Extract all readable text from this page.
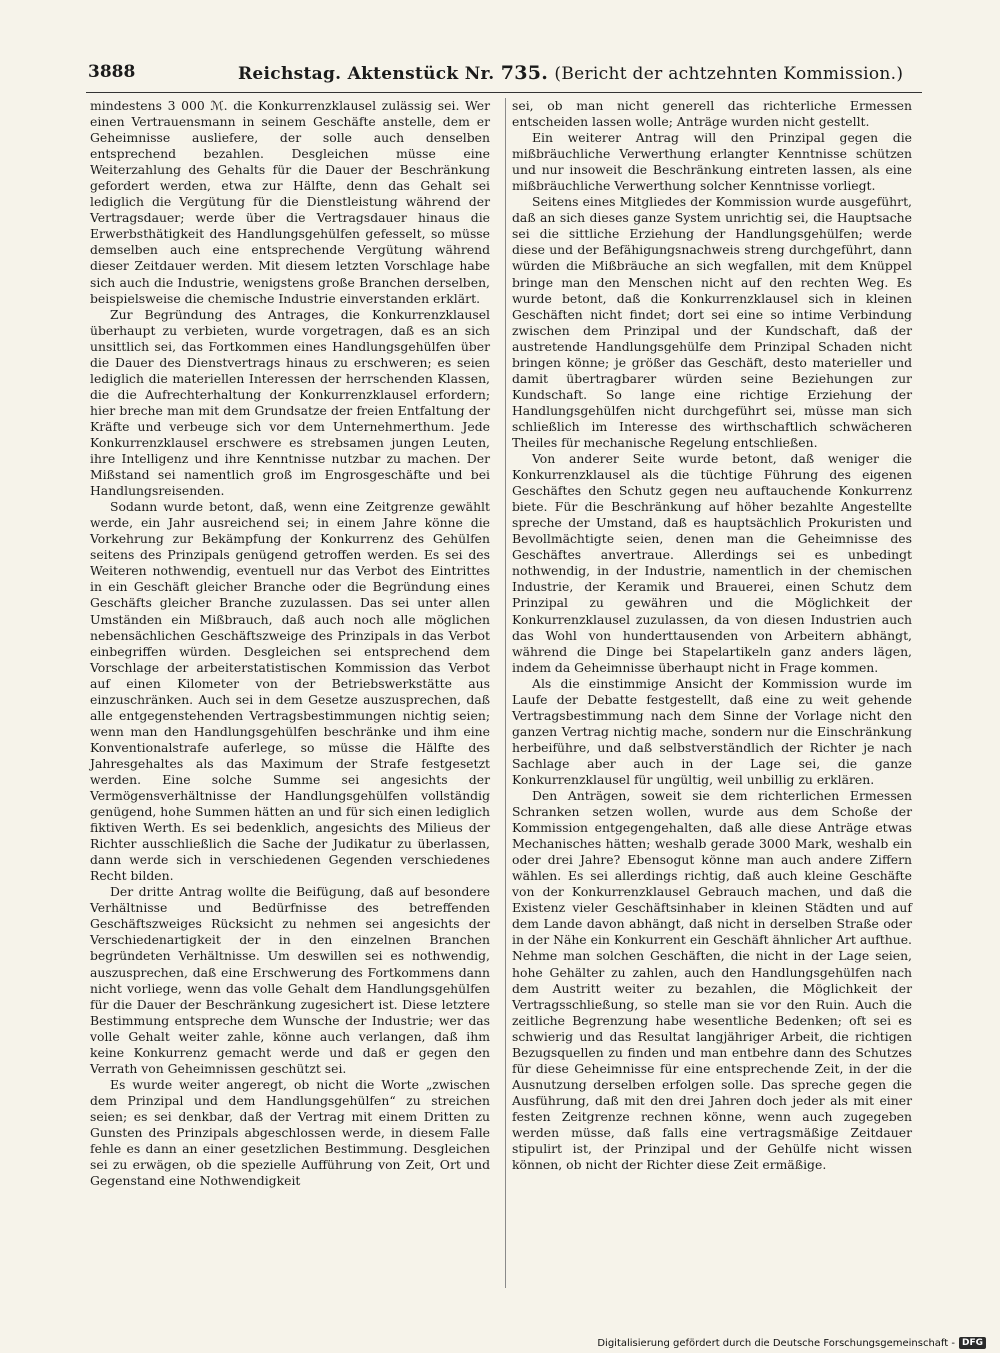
3888	Reichstag. Aktenstück Nr. 735. (Bericht der achtzehnten Kommission.)

mindestens 3 000 ℳ. die Konkurrenzklausel zulässig sei. Wer einen Vertrauensmann in seinem Geschäfte anstelle, dem er Geheimnisse ausliefere, der solle auch denselben entsprechend bezahlen. Desgleichen müsse eine Weiterzahlung des Gehalts für die Dauer der Beschränkung gefordert werden, etwa zur Hälfte, denn das Gehalt sei lediglich die Vergütung für die Dienstleistung während der Vertragsdauer; werde über die Vertragsdauer hinaus die Erwerbsthätigkeit des Handlungsgehülfen gefesselt, so müsse demselben auch eine entsprechende Vergütung während dieser Zeitdauer werden. Mit diesem letzten Vorschlage habe sich auch die Industrie, wenigstens große Branchen derselben, beispielsweise die chemische Industrie einverstanden erklärt.

Zur Begründung des Antrages, die Konkurrenzklausel überhaupt zu verbieten, wurde vorgetragen, daß es an sich unsittlich sei, das Fortkommen eines Handlungsgehülfen über die Dauer des Dienstvertrags hinaus zu erschweren; es seien lediglich die materiellen Interessen der herrschenden Klassen, die die Aufrechterhaltung der Konkurrenzklausel erfordern; hier breche man mit dem Grundsatze der freien Entfaltung der Kräfte und verbeuge sich vor dem Unternehmerthum. Jede Konkurrenzklausel erschwere es strebsamen jungen Leuten, ihre Intelligenz und ihre Kenntnisse nutzbar zu machen. Der Mißstand sei namentlich groß im Engrosgeschäfte und bei Handlungsreisenden.

Sodann wurde betont, daß, wenn eine Zeitgrenze gewählt werde, ein Jahr ausreichend sei; in einem Jahre könne die Vorkehrung zur Bekämpfung der Konkurrenz des Gehülfen seitens des Prinzipals genügend getroffen werden. Es sei des Weiteren nothwendig, eventuell nur das Verbot des Eintrittes in ein Geschäft gleicher Branche oder die Begründung eines Geschäfts gleicher Branche zuzulassen. Das sei unter allen Umständen ein Mißbrauch, daß auch noch alle möglichen nebensächlichen Geschäftszweige des Prinzipals in das Verbot einbegriffen würden. Desgleichen sei entsprechend dem Vorschlage der arbeiterstatistischen Kommission das Verbot auf einen Kilometer von der Betriebswerkstätte aus einzuschränken. Auch sei in dem Gesetze auszusprechen, daß alle entgegenstehenden Vertragsbestimmungen nichtig seien; wenn man den Handlungsgehülfen beschränke und ihm eine Konventionalstrafe auferlege, so müsse die Hälfte des Jahresgehaltes als das Maximum der Strafe festgesetzt werden. Eine solche Summe sei angesichts der Vermögensverhältnisse der Handlungsgehülfen vollständig genügend, hohe Summen hätten an und für sich einen lediglich fiktiven Werth. Es sei bedenklich, angesichts des Milieus der Richter ausschließlich die Sache der Judikatur zu überlassen, dann werde sich in verschiedenen Gegenden verschiedenes Recht bilden.

Der dritte Antrag wollte die Beifügung, daß auf besondere Verhältnisse und Bedürfnisse des betreffenden Geschäftszweiges Rücksicht zu nehmen sei angesichts der Verschiedenartigkeit der in den einzelnen Branchen begründeten Verhältnisse. Um deswillen sei es nothwendig, auszusprechen, daß eine Erschwerung des Fortkommens dann nicht vorliege, wenn das volle Gehalt dem Handlungsgehülfen für die Dauer der Beschränkung zugesichert ist. Diese letztere Bestimmung entspreche dem Wunsche der Industrie; wer das volle Gehalt weiter zahle, könne auch verlangen, daß ihm keine Konkurrenz gemacht werde und daß er gegen den Verrath von Geheimnissen geschützt sei.

Es wurde weiter angeregt, ob nicht die Worte „zwischen dem Prinzipal und dem Handlungsgehülfen“ zu streichen seien; es sei denkbar, daß der Vertrag mit einem Dritten zu Gunsten des Prinzipals abgeschlossen werde, in diesem Falle fehle es dann an einer gesetzlichen Bestimmung. Desgleichen sei zu erwägen, ob die spezielle Aufführung von Zeit, Ort und Gegenstand eine Nothwendigkeit

sei, ob man nicht generell das richterliche Ermessen entscheiden lassen wolle; Anträge wurden nicht gestellt.

Ein weiterer Antrag will den Prinzipal gegen die mißbräuchliche Verwerthung erlangter Kenntnisse schützen und nur insoweit die Beschränkung eintreten lassen, als eine mißbräuchliche Verwerthung solcher Kenntnisse vorliegt.

Seitens eines Mitgliedes der Kommission wurde ausgeführt, daß an sich dieses ganze System unrichtig sei, die Hauptsache sei die sittliche Erziehung der Handlungsgehülfen; werde diese und der Befähigungsnachweis streng durchgeführt, dann würden die Mißbräuche an sich wegfallen, mit dem Knüppel bringe man den Menschen nicht auf den rechten Weg. Es wurde betont, daß die Konkurrenzklausel sich in kleinen Geschäften nicht findet; dort sei eine so intime Verbindung zwischen dem Prinzipal und der Kundschaft, daß der austretende Handlungsgehülfe dem Prinzipal Schaden nicht bringen könne; je größer das Geschäft, desto materieller und damit übertragbarer würden seine Beziehungen zur Kundschaft. So lange eine richtige Erziehung der Handlungsgehülfen nicht durchgeführt sei, müsse man sich schließlich im Interesse des wirthschaftlich schwächeren Theiles für mechanische Regelung entschließen.

Von anderer Seite wurde betont, daß weniger die Konkurrenzklausel als die tüchtige Führung des eigenen Geschäftes den Schutz gegen neu auftauchende Konkurrenz biete. Für die Beschränkung auf höher bezahlte Angestellte spreche der Umstand, daß es hauptsächlich Prokuristen und Bevollmächtigte seien, denen man die Geheimnisse des Geschäftes anvertraue. Allerdings sei es unbedingt nothwendig, in der Industrie, namentlich in der chemischen Industrie, der Keramik und Brauerei, einen Schutz dem Prinzipal zu gewähren und die Möglichkeit der Konkurrenzklausel zuzulassen, da von diesen Industrien auch das Wohl von hunderttausenden von Arbeitern abhängt, während die Dinge bei Stapelartikeln ganz anders lägen, indem da Geheimnisse überhaupt nicht in Frage kommen.

Als die einstimmige Ansicht der Kommission wurde im Laufe der Debatte festgestellt, daß eine zu weit gehende Vertragsbestimmung nach dem Sinne der Vorlage nicht den ganzen Vertrag nichtig mache, sondern nur die Einschränkung herbeiführe, und daß selbstverständlich der Richter je nach Sachlage aber auch in der Lage sei, die ganze Konkurrenzklausel für ungültig, weil unbillig zu erklären.

Den Anträgen, soweit sie dem richterlichen Ermessen Schranken setzen wollen, wurde aus dem Schoße der Kommission entgegengehalten, daß alle diese Anträge etwas Mechanisches hätten; weshalb gerade 3000 Mark, weshalb ein oder drei Jahre? Ebensogut könne man auch andere Ziffern wählen. Es sei allerdings richtig, daß auch kleine Geschäfte von der Konkurrenzklausel Gebrauch machen, und daß die Existenz vieler Geschäftsinhaber in kleinen Städten und auf dem Lande davon abhängt, daß nicht in derselben Straße oder in der Nähe ein Konkurrent ein Geschäft ähnlicher Art aufthue. Nehme man solchen Geschäften, die nicht in der Lage seien, hohe Gehälter zu zahlen, auch den Handlungsgehülfen nach dem Austritt weiter zu bezahlen, die Möglichkeit der Vertragsschließung, so stelle man sie vor den Ruin. Auch die zeitliche Begrenzung habe wesentliche Bedenken; oft sei es schwierig und das Resultat langjähriger Arbeit, die richtigen Bezugsquellen zu finden und man entbehre dann des Schutzes für diese Geheimnisse für eine entsprechende Zeit, in der die Ausnutzung derselben erfolgen solle. Das spreche gegen die Ausführung, daß mit den drei Jahren doch jeder als mit einer festen Zeitgrenze rechnen könne, wenn auch zugegeben werden müsse, daß falls eine vertragsmäßige Zeitdauer stipulirt ist, der Prinzipal und der Gehülfe nicht wissen können, ob nicht der Richter diese Zeit ermäßige.

Digitalisierung gefördert durch die Deutsche Forschungsgemeinschaft - DFG
